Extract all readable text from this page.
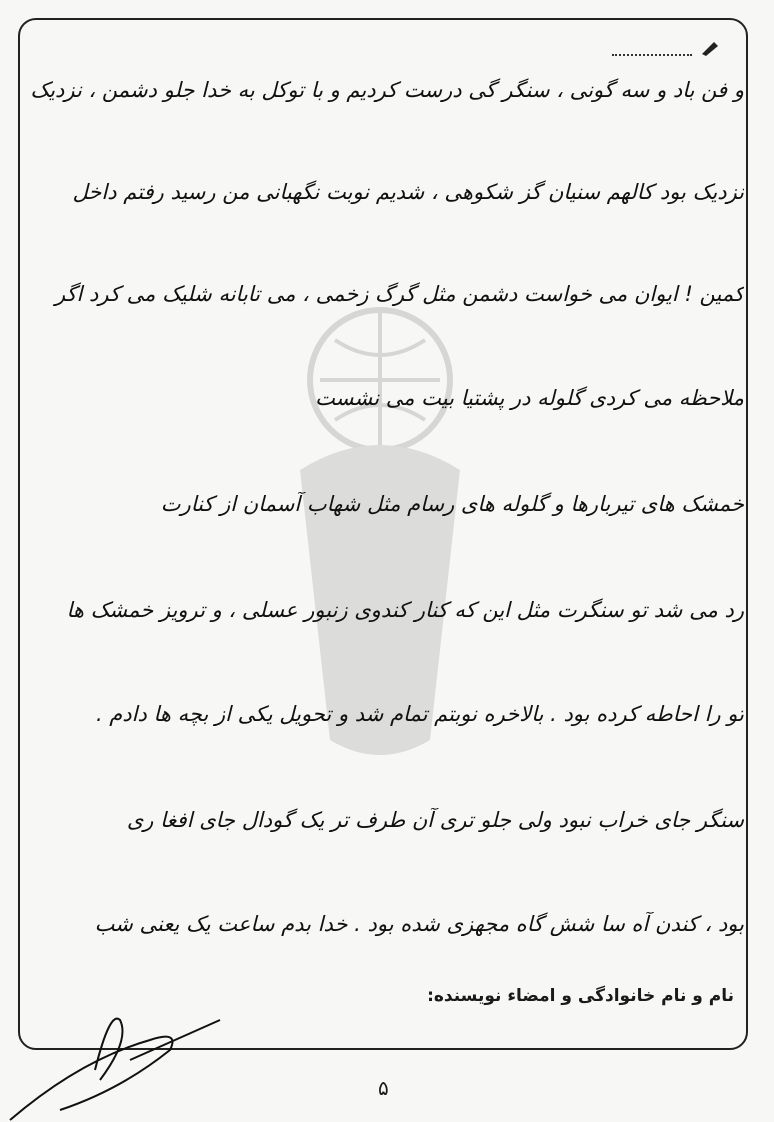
و فن باد و سه گونی ، سنگر گی درست کردیم و با توکل به خدا جلو دشمن ، نزدیک
نزدیک بود کالهم سنیان گز شکوهی ، شدیم نوبت نگهبانی من رسید رفتم داخل
کمین ! ایوان می خواست دشمن مثل گرگ زخمی ، می تابانه شلیک می کرد اگر
ملاحظه می کردی گلوله در پشتیا بیت می نشست
خمشک های تیربارها و گلوله های رسام مثل شهاب آسمان از کنارت
رد می شد تو سنگرت مثل این که کنار کندوی زنبور عسلی ، و ترویز خمشک ها
تو را احاطه کرده بود . بالاخره نوبتم تمام شد و تحویل یکی از بچه ها دادم .
سنگر جای خراب نبود ولی جلو تری آن طرف تر یک گودال جای افغا ری
بود ، کندن آه سا شش گاه مجهزی شده بود . خدا بدم ساعت یک یعنی شب
نام و نام خانوادگی و امضاء نویسنده:
۵
